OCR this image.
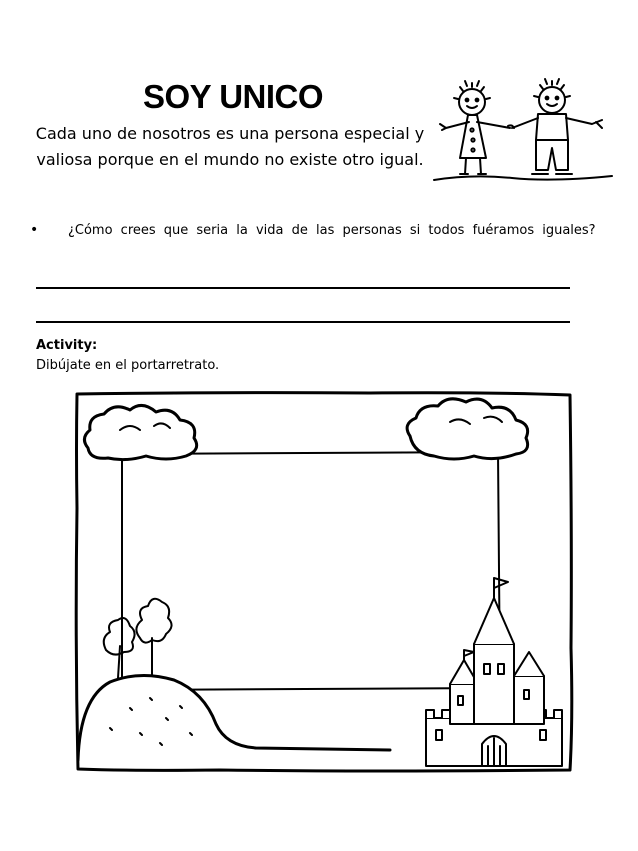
SOY UNICO

Cada uno de nosotros es una persona especial y valiosa porque en el mundo no existe otro igual.

• ¿Cómo crees que seria la vida de las personas si todos fuéramos iguales?

Activity:

Dibújate en el portarretrato.
